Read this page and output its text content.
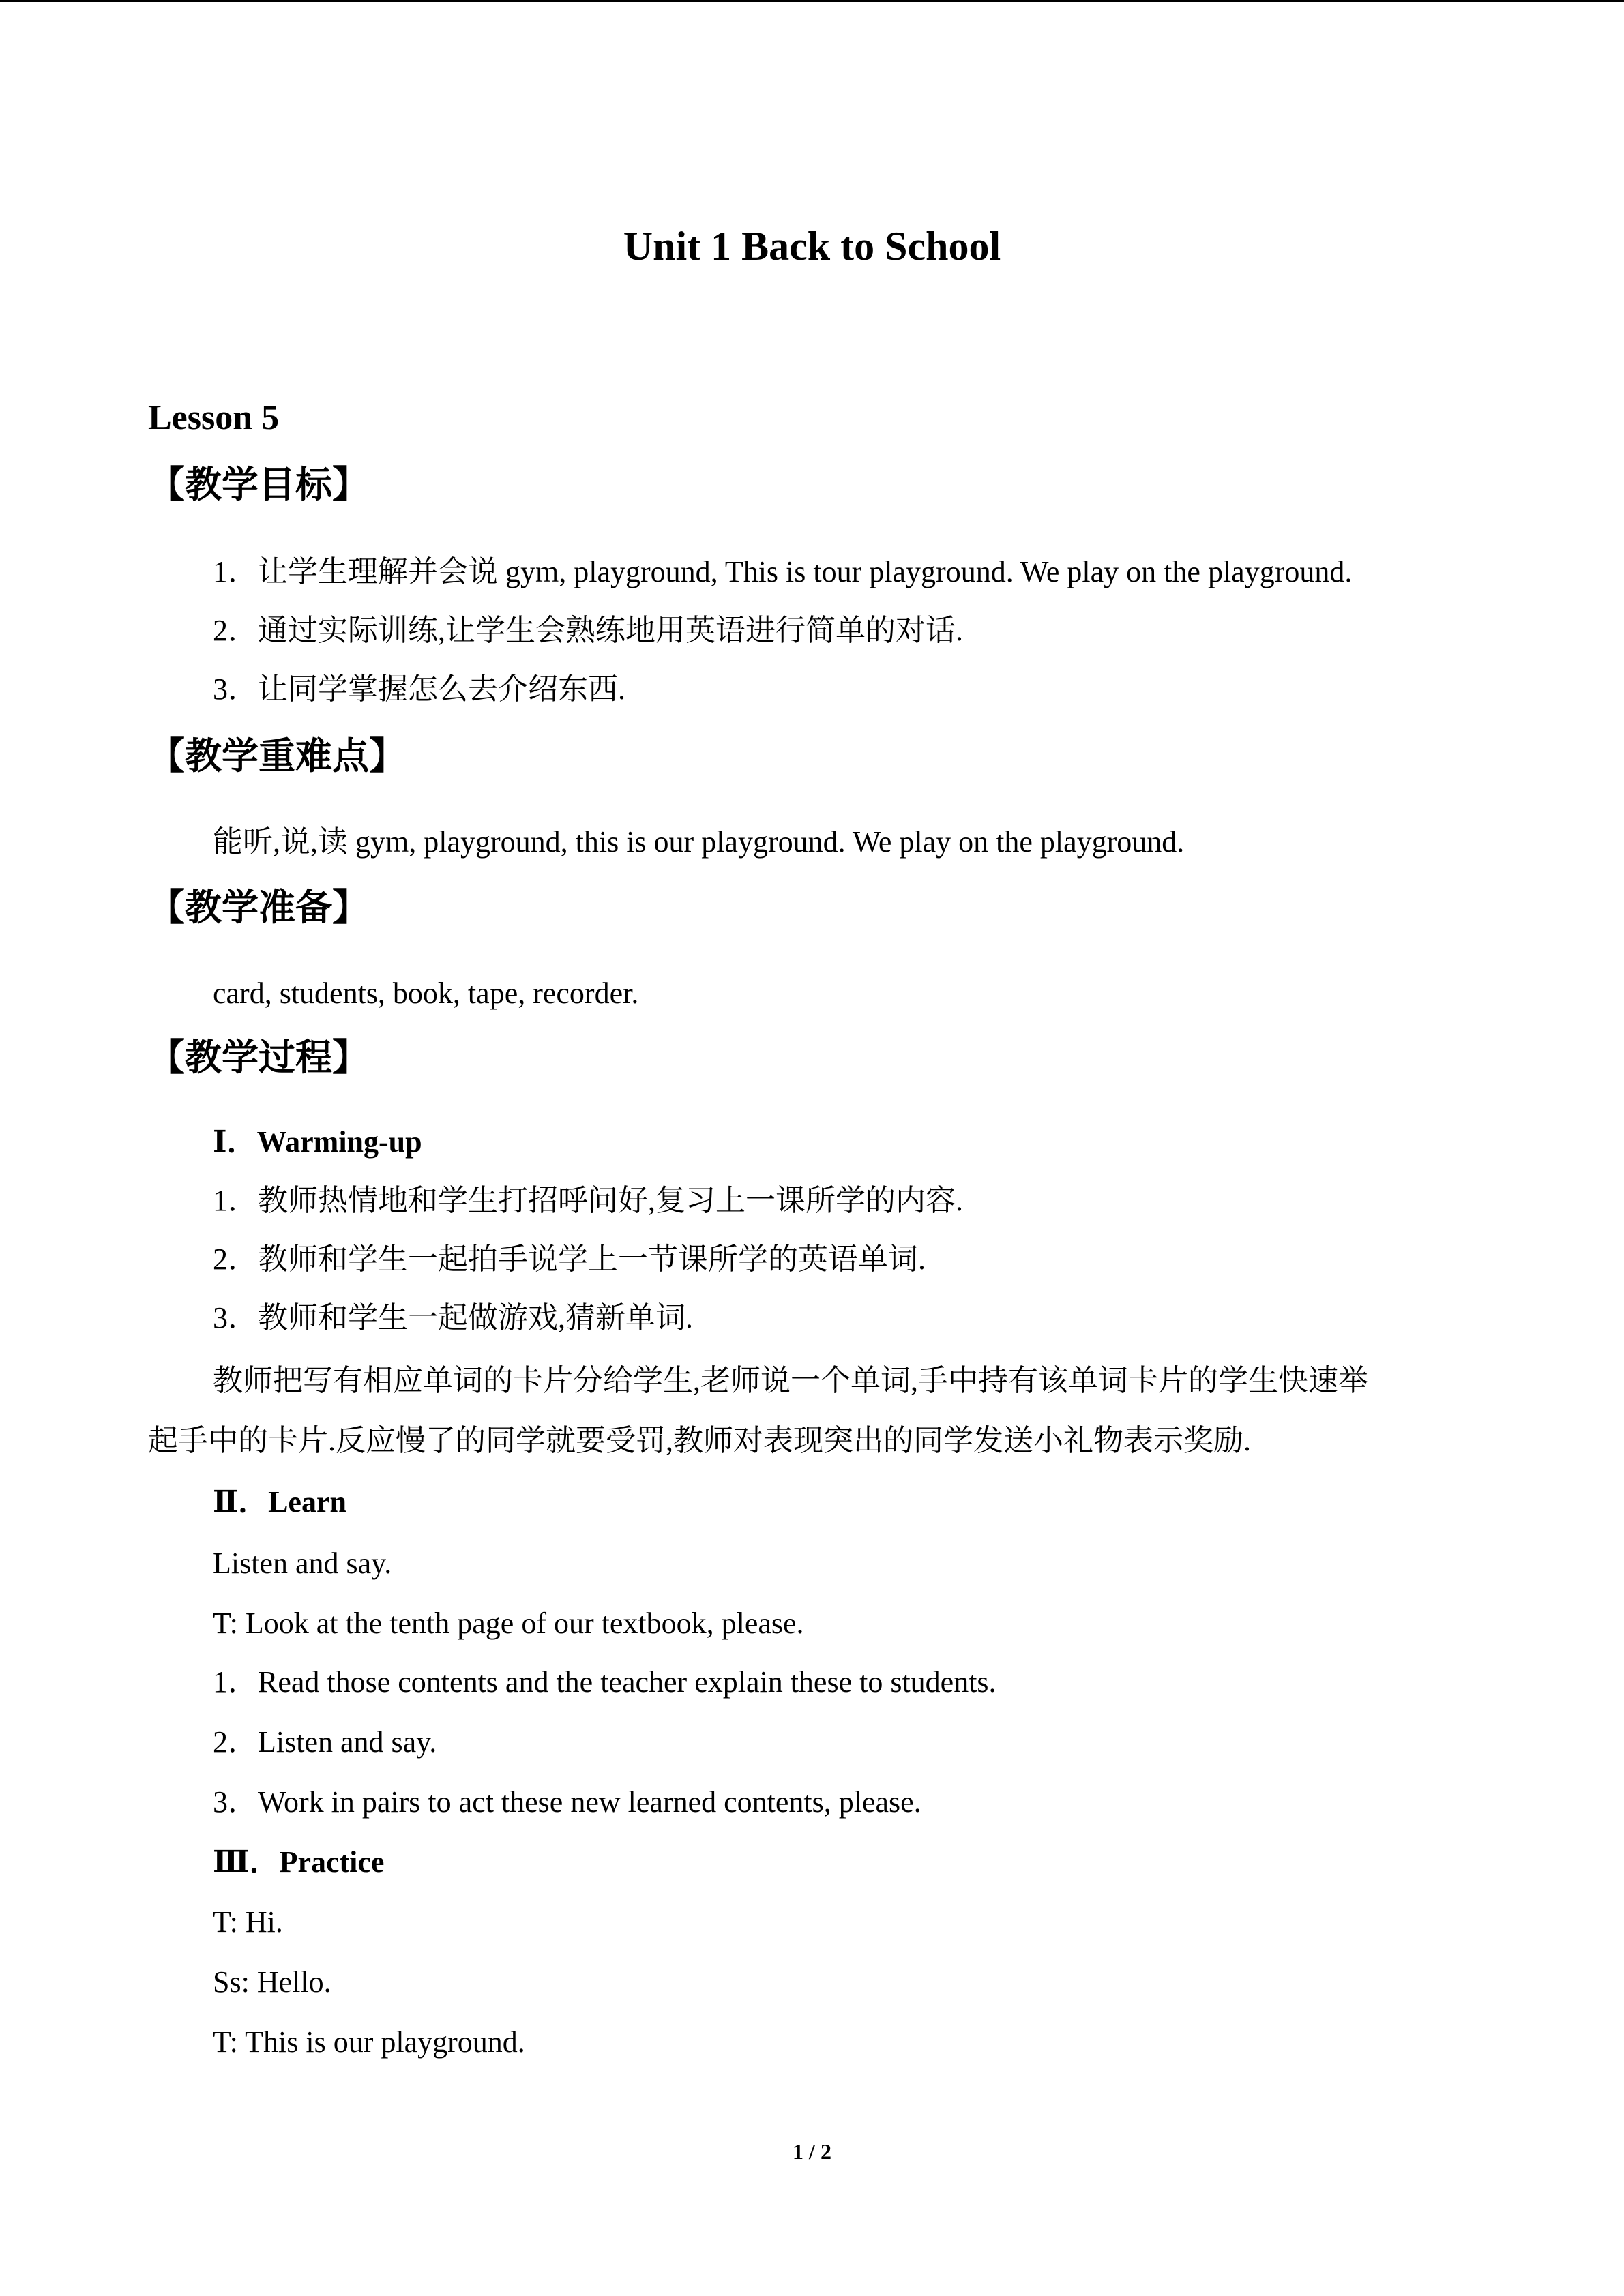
Unit 1 Back to School
Lesson 5
【教学目标】
1．让学生理解并会说 gym, playground, This is tour playground. We play on the playground.
2．通过实际训练,让学生会熟练地用英语进行简单的对话.
3．让同学掌握怎么去介绍东西.
【教学重难点】
能听,说,读 gym, playground, this is our playground. We play on the playground.
【教学准备】
card, students, book, tape, recorder.
【教学过程】
Ⅰ．Warming-up
1．教师热情地和学生打招呼问好,复习上一课所学的内容.
2．教师和学生一起拍手说学上一节课所学的英语单词.
3．教师和学生一起做游戏,猜新单词.
教师把写有相应单词的卡片分给学生,老师说一个单词,手中持有该单词卡片的学生快速举
起手中的卡片.反应慢了的同学就要受罚,教师对表现突出的同学发送小礼物表示奖励.
Ⅱ．Learn
Listen and say.
T: Look at the tenth page of our textbook, please.
1．Read those contents and the teacher explain these to students.
2．Listen and say.
3．Work in pairs to act these new learned contents, please.
Ⅲ．Practice
T: Hi.
Ss: Hello.
T: This is our playground.
1 / 2
